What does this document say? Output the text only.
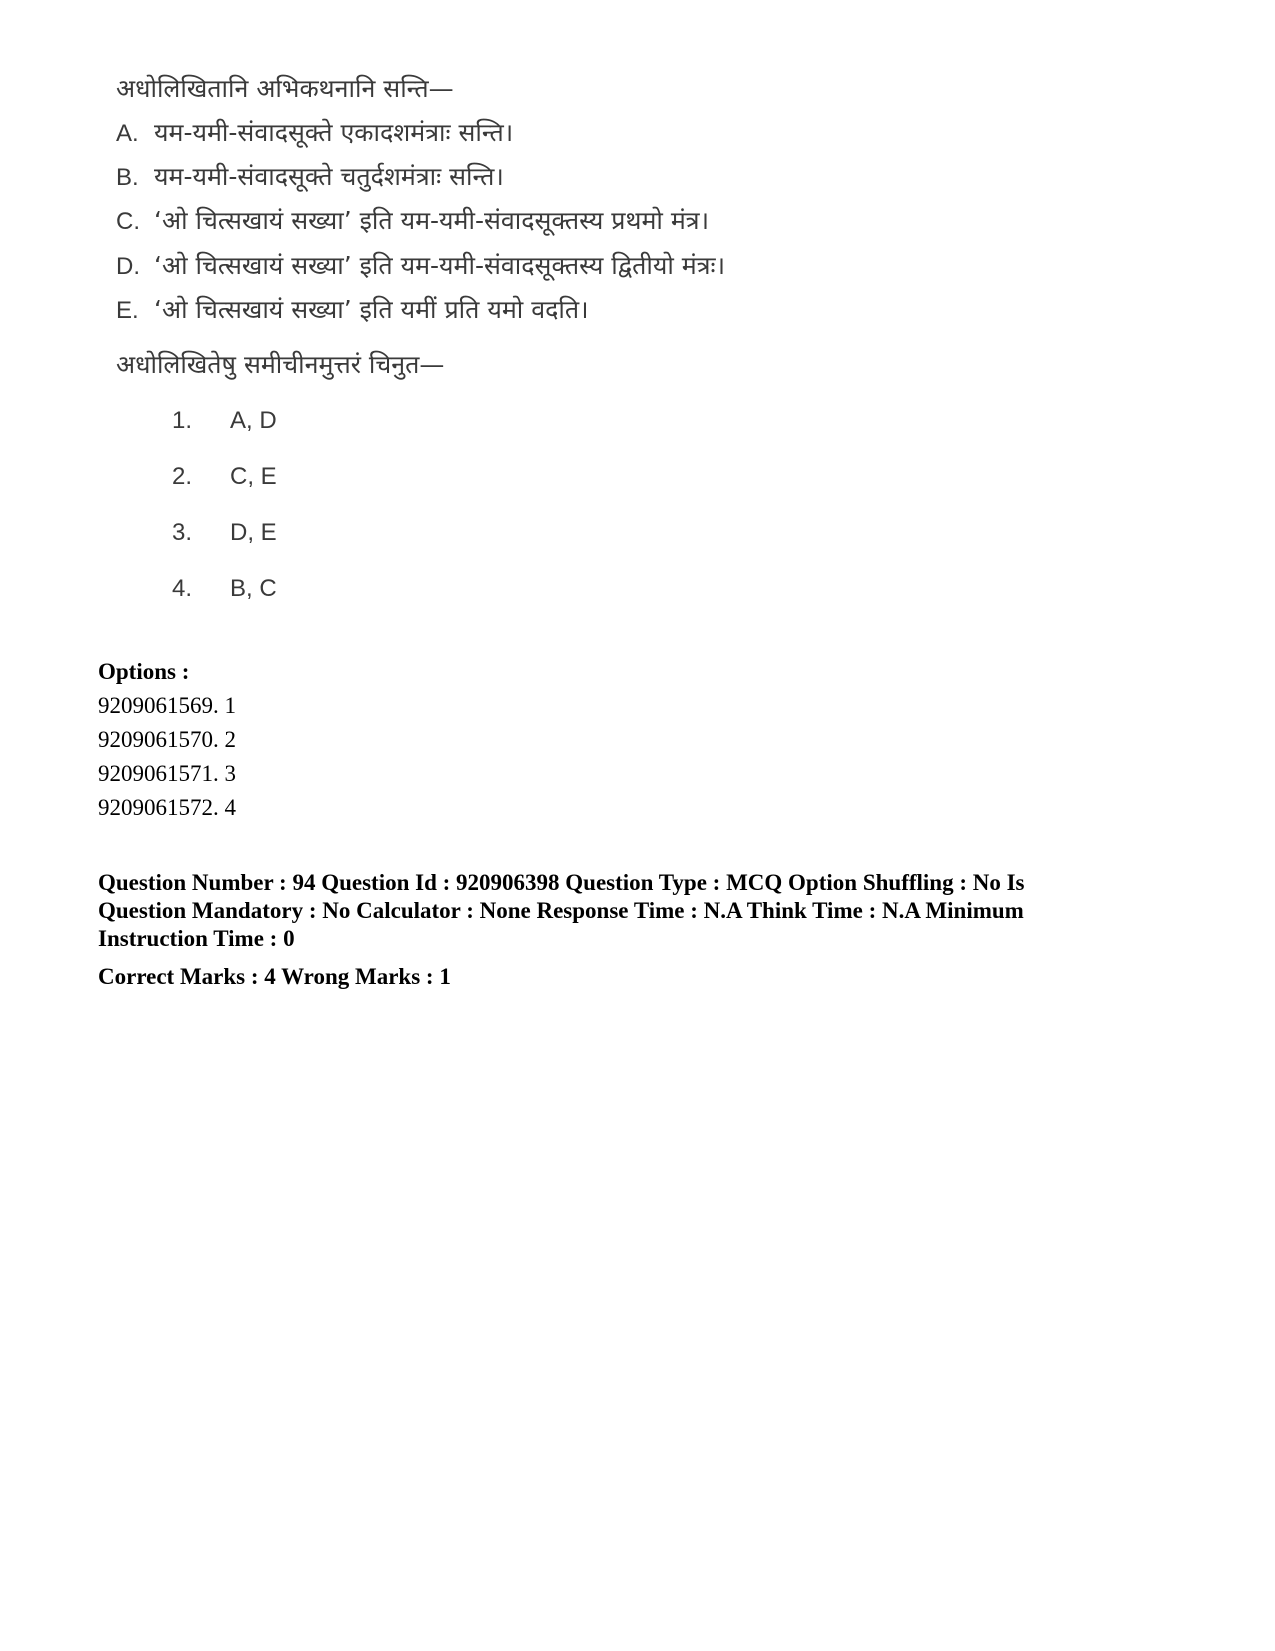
अधोलिखितानि अभिकथनानि सन्ति—
A. यम-यमी-संवादसूक्ते एकादशमंत्राः सन्ति।
B. यम-यमी-संवादसूक्ते चतुर्दशमंत्राः सन्ति।
C. ‘ओ चित्सखायं सख्या’ इति यम-यमी-संवादसूक्तस्य प्रथमो मंत्र।
D. ‘ओ चित्सखायं सख्या’ इति यम-यमी-संवादसूक्तस्य द्वितीयो मंत्रः।
E. ‘ओ चित्सखायं सख्या’ इति यमीं प्रति यमो वदति।
अधोलिखितेषु समीचीनमुत्तरं चिनुत—
1. A, D
2. C, E
3. D, E
4. B, C
Options :
9209061569. 1
9209061570. 2
9209061571. 3
9209061572. 4
Question Number : 94 Question Id : 920906398 Question Type : MCQ Option Shuffling : No Is Question Mandatory : No Calculator : None Response Time : N.A Think Time : N.A Minimum Instruction Time : 0
Correct Marks : 4 Wrong Marks : 1
